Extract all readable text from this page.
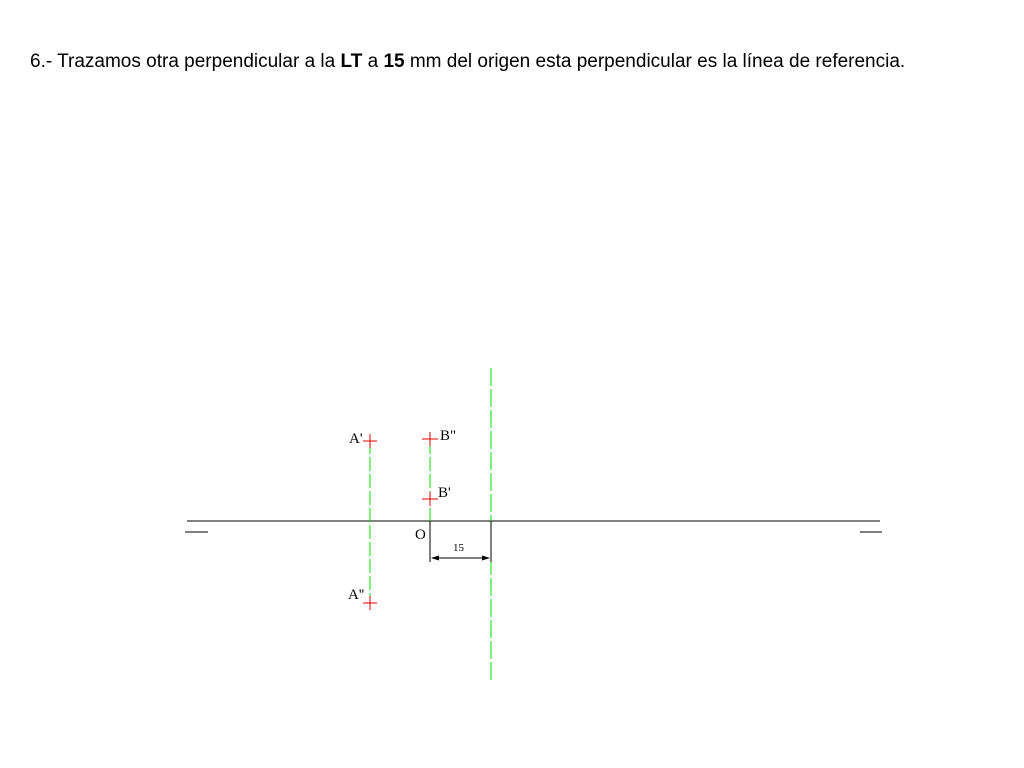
6.- Trazamos otra perpendicular a la LT a 15 mm del origen esta perpendicular es la línea de referencia.

A'
A''
B"
B'
O
15
